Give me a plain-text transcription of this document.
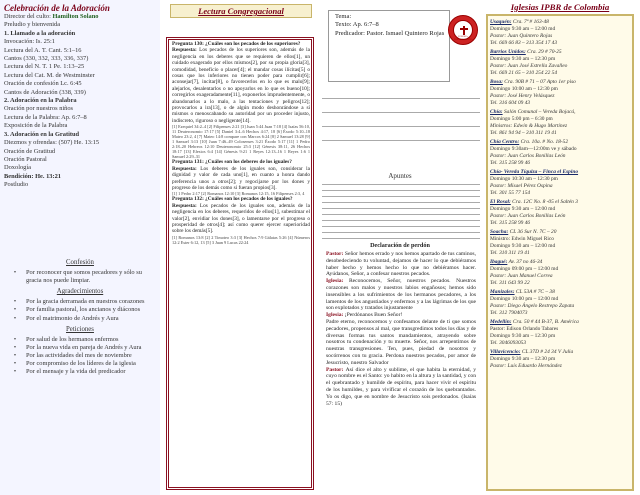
Celebración de la Adoración
Director del culto: Hamilton Solano
Preludio y bienvenida
1. Llamado a la adoración
Invocación: Is. 25:1
Lectura del A. T. Cant. 5:1–16
Cantos (330, 332, 333, 336, 337)
Lectura del N. T. 1 Pe. 1:13–25
Lectura del Cat. M. de Westminster
Oración de confesión Lc. 6:45
Cantos de Adoración (338, 339)
2. Adoración en la Palabra
Oración por nuestros niños
Lectura de la Palabra: Ap. 6:7–8
Exposición de la Palabra
3. Adoración en la Gratitud
Diezmos y ofrendas: (507) He. 13:15
Oración de Gratitud
Oración Pastoral
Doxología
Bendición: He. 13:21
Postludio
Confesión
•	Por reconocer que somos pecadores y sólo su gracia nos puede limpiar.
Agradecimientos
•	Por la gracia derramada en nuestros corazones
•	Por familia pastoral, los ancianos y diáconos
•	Por el matrimonio de Andrés y Aura
Peticiones
•	Por salud de los hermanos enfermos
•	Por la nueva vida en pareja de Andrés y Aura
•	Por las actividades del mes de noviembre
•	Por compromiso de los líderes de la iglesia
•	Por el mensaje y la vida del predicador
Lectura Congregacional
Pregunta 130: ¿Cuáles son los pecados de los superiores?
Respuesta: Los pecados de los superiores son, además de la negligencia en los deberes que se requieren de ellos[1], un cuidado exagerado por ellos mismos[2], por su propia gloria[3], comodidad, beneficio o placer[4]; el mandar cosas ilícitas[5] o cosas que los inferiores no tienen poder para cumplir[6]; aconsejar[7], incitar[8], o favorecerlos en lo que es malo[9]; alejarlos, desalentarlos o no apoyarlos en lo que es bueno[10]; corregirlos exageradamente[11], exponerlos imprudentemente, o abandonarlos a lo malo, a las tentaciones y peligros[12]; provocarlos a ira[13], o de algún modo deshonrándose a sí mismos o menoscabando su autoridad por un proceder injusto, indiscreto, riguroso o negligente[14].
[1] Ezequiel 34:2–4 [2] Filipenses 2:21 [3] Juan 5:44 Juan 7:18 [4] Isaías 56:10, 11 Deuteronomio 17:17 [5] Daniel 3:4–6 Hechos 4:17, 18 [6] Éxodo 5:10–18 Mateo 23:2, 4 [7] Mateo 14:8 compare con Marcos 6:24 [8] 2 Samuel 13:28 [9] 1 Samuel 3:13 [10] Juan 7:46–49 Colosenses 3:21 Éxodo 5:17 [11] 1 Pedro 2:18–20 Hebreos 12:10 Deuteronomio 25:3 [12] Génesis 38:11, 26 Hechos 18:17 [13] Efesios 6:4 [14] Génesis 9:21 1 Reyes 12:13–16 1 Reyes 1:6 1 Samuel 2:29–31
Pregunta 131: ¿Cuáles son los deberes de los iguales?
Respuesta: Los deberes de los iguales son, considerar la dignidad y valor de cada uno[1], en cuanto a honra dando preferencia unos a otros[2]; y regocijarse por los dones y progreso de los demás como si fueran propios[3].
[1] 1 Pedro 2:17 [2] Romanos 12:10 [3] Romanos 12:15, 16 Filipenses 2:3, 4
Pregunta 132: ¿Cuáles son los pecados de los iguales?
Respuesta: Los pecados de los iguales son, además de la negligencia en los deberes, requeridos de ellos[1], subestimar el valor[2], envidiar los dones[3], o lamentarse por el progreso o prosperidad de otros[4]; así como querer ejercer superioridad sobre los demás[5].
[1] Romanos 13:8 [2] 2 Timoteo 3:3 [3] Hechos 7:9 Gálatas 5:26 [4] Números 12:2 Ester 6:12, 13 [5] 3 Juan 9 Lucas 22:24
Tema:
Texto: Ap. 6:7–8
Predicador: Pastor. Ismael Quintero Rojas	IGLESIA PRESBITERIANA
Apuntes
Declaración de perdón
Pastor: Señor hemos errado y nos hemos apartado de tus caminos, desobedeciendo tu voluntad, dejamos de hacer lo que debiéramos haber hecho y hemos hecho lo que no debiéramos hacer. Ayúdanos, Señor, a confesar nuestros pecados.
Iglesia: Reconocemos, Señor, nuestros pecados. Nuestros corazones son malos y nuestros labios engañosos; hemos sido insensibles a los sufrimientos de los hermanos pecadores, a los lamentos de los angustiados y enfermos y a las lágrimas de los que son explotados y tratados injustamente
Iglesia: ¡Perdónanos Buen Señor!
Padre eterno, reconocemos y confesamos delante de ti que somos pecadores, propensos al mal, que transgredimos todos los días y de diversas formas tus santos mandamientos, atrayendo sobre nosotros tu condenación y tu muerte. Señor, nos arrepentimos de nuestras transgresiones. Ten, pues, piedad de nosotros y socórrenos con tu gracia. Perdona nuestros pecados, por amor de Jesucristo, nuestro Salvador
Pastor: Así dice el alto y sublime, el que habita la eternidad, y cuyo nombre es el Santo: yo habito en la altura y la santidad, y con el quebrantado y humilde de espíritu, para hacer vivir el espíritu de los humildes, y para vivificar el corazón de los quebrantados. Yo os digo, que en nombre de Jesucristo sois perdonados. (Isaías 57: 15)
Iglesias IPBR de Colombia
Usaquén: Cra. 7ª # 163-48
Domingo 9:30 am – 12:00 md
Pastor: Juan Quintero Rojas
Tel. 669 66 83 – 313 354 17 43
Barrios Unidos: Cra. 29 # 70-25
Domingo 9:30 am – 12:30 pm
Pastor: Juan José Estrella Zavalleo
Tel. 669 21 65 – 310 254 22 54
Bosa: Cra. 90B # 71 – 07 Apto 1er piso
Domingo 10:00 am – 12:30 pm
Pastor: José Henry Velásquez
Tel. 316 604 09 43
Chía: Salón Comunal – Vereda Bojacá,
Domingo 5:00 pm – 6:30 pm
Ministros: Edwin & Hugo Martínez
Tel. 861 94 94 – 310 311 19 41
Chía Centro: Cra. 10a. # No. 18-52
Domingo 9:30am—12:00m ve y sábado
Pastor: Juan Carlos Bonillas León
Tel. 315 258 99 46
Chía- Vereda Tíquiza – Finca el Espino
Domingo 10:30 am – 12:30 pm
Pastor: Misael Pérez Ospina
Tel. 301 55 77 154
El Rosal: Cra. 12C No. 8 -05 el Saltén 3
Domingo 9:30 am – 12:00 md
Pastor: Juan Carlos Bonillas León
Tel. 315 258 99 46
Soacha: CL 36 Sur N. 7C – 20
Ministro: Edwin Miguel Rico
Domingo 9:30 am – 12:00 md
Tel. 310 311 19 41
Ibagué: Av. 37 no 46-34
Domingo 09:00 pm – 12:00 md
Pastor: Juan Manuel Correa
Tel. 311 643 99 22
Manizales: CL 53A # 7C – 38
Domingo 10:00 pm – 12:00 md
Pastor: Diego Ángelo Restrepo Zapata
Tel. 312 7904073
Medellín: Cra. 50 # 44 B-37, B. América
Pastor: Edison Orlando Tabares
Domingo 9:30 am – 12:30 pm
Tel. 3046093053
Villavicencio: CL 37D # 24 34 V Julia
Domingo 9:30 am – 12:30 pm
Pastor: Luis Eduardo Hernández
